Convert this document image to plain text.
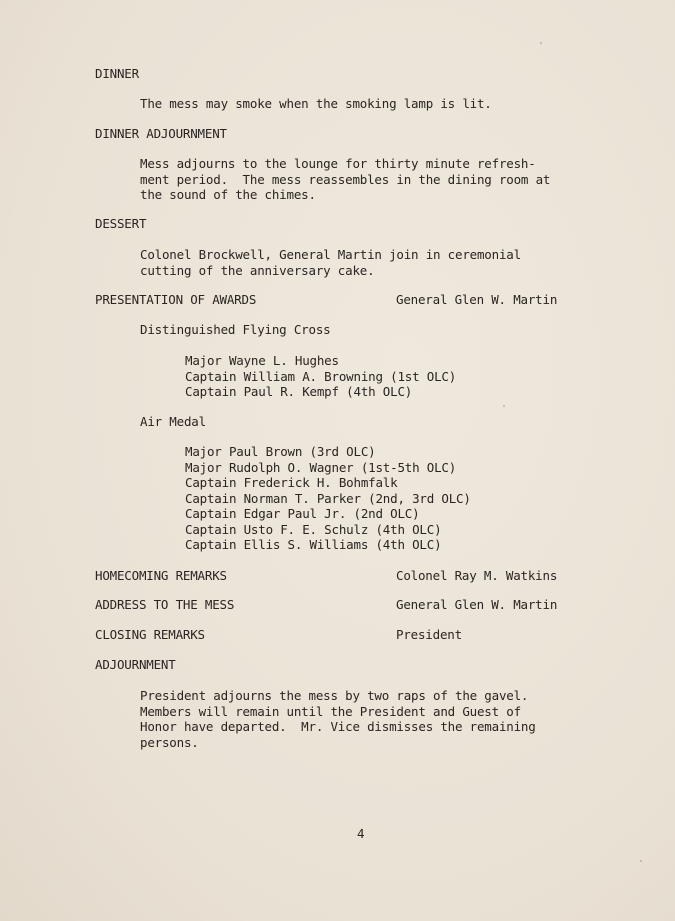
DINNER
The mess may smoke when the smoking lamp is lit.
DINNER ADJOURNMENT
Mess adjourns to the lounge for thirty minute refresh-
ment period.  The mess reassembles in the dining room at
the sound of the chimes.
DESSERT
Colonel Brockwell, General Martin join in ceremonial
cutting of the anniversary cake.
PRESENTATION OF AWARDS	General Glen W. Martin
Distinguished Flying Cross
Major Wayne L. Hughes
Captain William A. Browning (1st OLC)
Captain Paul R. Kempf (4th OLC)
Air Medal
Major Paul Brown (3rd OLC)
Major Rudolph O. Wagner (1st-5th OLC)
Captain Frederick H. Bohmfalk
Captain Norman T. Parker (2nd, 3rd OLC)
Captain Edgar Paul Jr. (2nd OLC)
Captain Usto F. E. Schulz (4th OLC)
Captain Ellis S. Williams (4th OLC)
HOMECOMING REMARKS	Colonel Ray M. Watkins
ADDRESS TO THE MESS	General Glen W. Martin
CLOSING REMARKS	President
ADJOURNMENT
President adjourns the mess by two raps of the gavel.
Members will remain until the President and Guest of
Honor have departed.  Mr. Vice dismisses the remaining
persons.
4
